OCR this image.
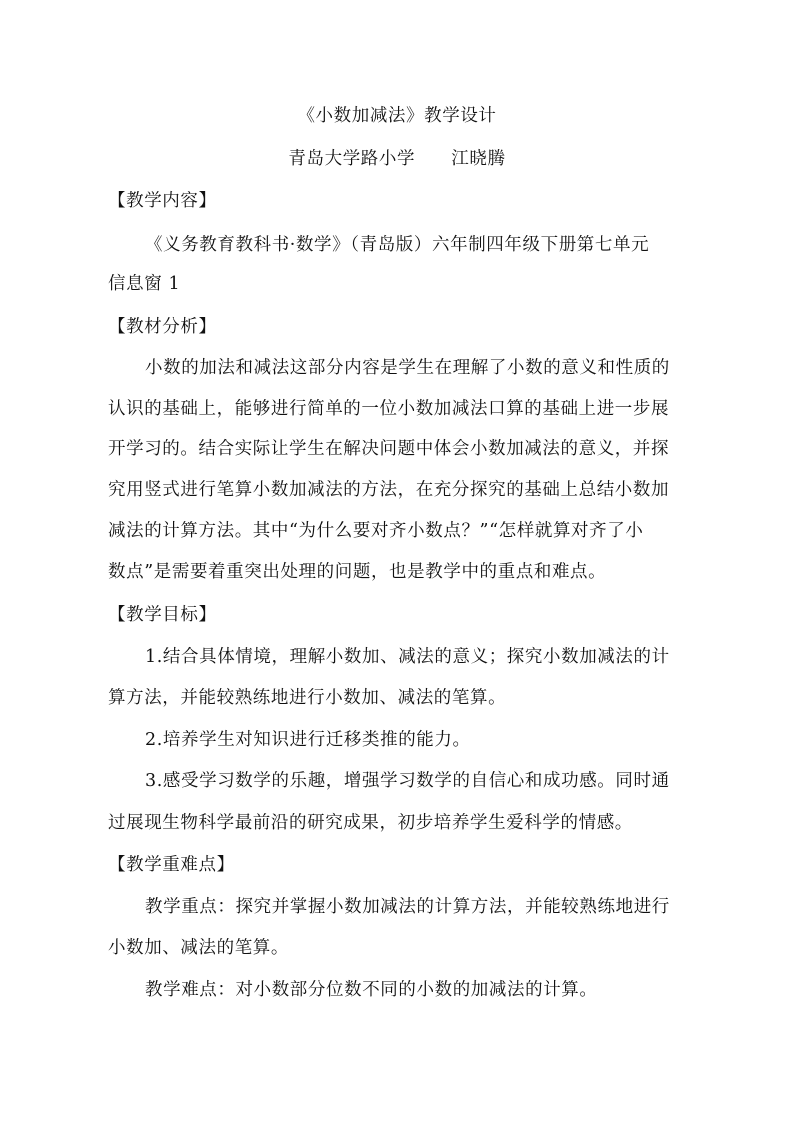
《小数加减法》教学设计
青岛大学路小学　　江晓腾
【教学内容】
《义务教育教科书·数学》（青岛版）六年制四年级下册第七单元
信息窗 1
【教材分析】
小数的加法和减法这部分内容是学生在理解了小数的意义和性质的
认识的基础上，能够进行简单的一位小数加减法口算的基础上进一步展
开学习的。结合实际让学生在解决问题中体会小数加减法的意义，并探
究用竖式进行笔算小数加减法的方法，在充分探究的基础上总结小数加
减法的计算方法。其中“为什么要对齐小数点？”“怎样就算对齐了小
数点”是需要着重突出处理的问题，也是教学中的重点和难点。
【教学目标】
1.结合具体情境，理解小数加、减法的意义；探究小数加减法的计
算方法，并能较熟练地进行小数加、减法的笔算。
2.培养学生对知识进行迁移类推的能力。
3.感受学习数学的乐趣，增强学习数学的自信心和成功感。同时通
过展现生物科学最前沿的研究成果，初步培养学生爱科学的情感。
【教学重难点】
教学重点：探究并掌握小数加减法的计算方法，并能较熟练地进行
小数加、减法的笔算。
教学难点：对小数部分位数不同的小数的加减法的计算。
